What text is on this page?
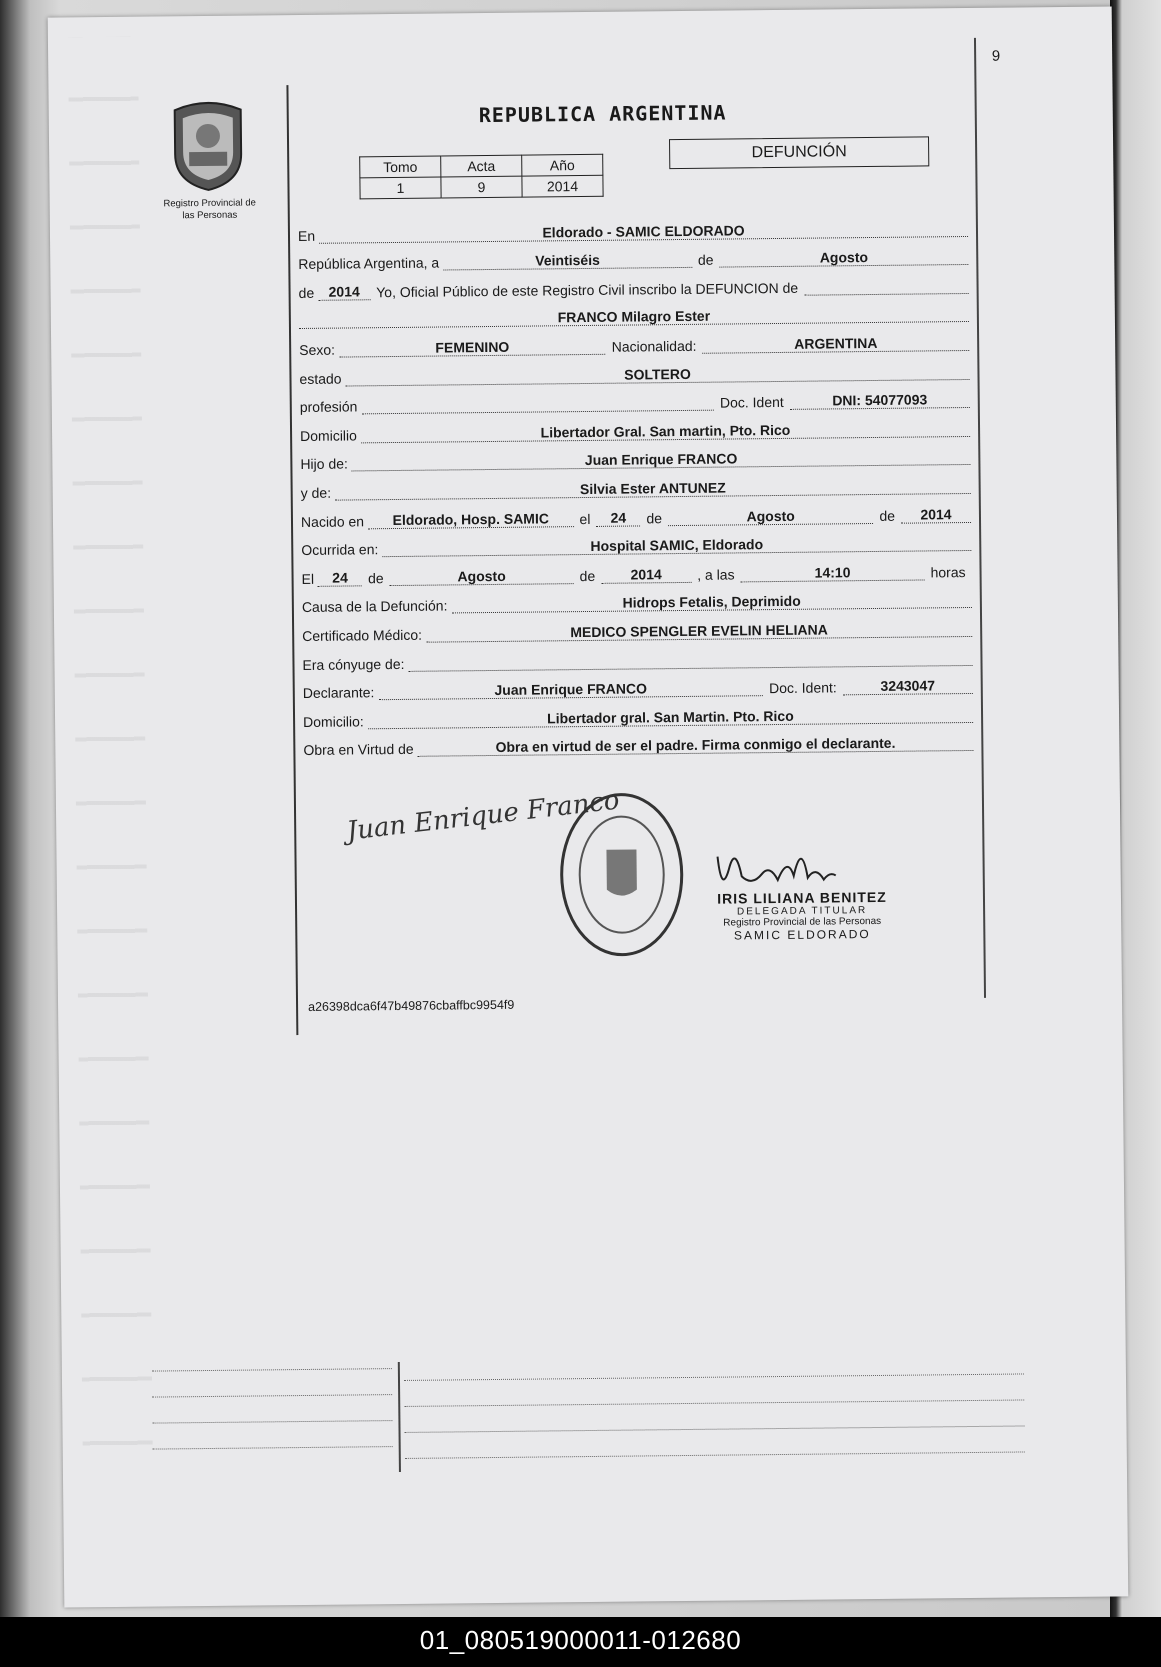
9
Registro Provincial de
las Personas
REPUBLICA ARGENTINA
Tomo	Acta	Año
1	9	2014
DEFUNCIÓN
En	Eldorado - SAMIC ELDORADO
República Argentina, a	Veintiséis	de	Agosto
de	2014	Yo, Oficial Público de este Registro Civil inscribo la DEFUNCION de
FRANCO Milagro Ester
Sexo:	FEMENINO	Nacionalidad:	ARGENTINA
estado	SOLTERO
profesión	Doc. Ident	DNI: 54077093
Domicilio	Libertador Gral. San martin, Pto. Rico
Hijo de:	Juan Enrique FRANCO
y de:	Silvia Ester ANTUNEZ
Nacido en	Eldorado, Hosp. SAMIC	el	24	de	Agosto	de	2014
Ocurrida en:	Hospital SAMIC, Eldorado
El	24	de	Agosto	de	2014	, a las	14:10	horas
Causa de la Defunción:	Hidrops Fetalis, Deprimido
Certificado Médico:	MEDICO SPENGLER EVELIN HELIANA
Era cónyuge de:
Declarante:	Juan Enrique FRANCO	Doc. Ident:	3243047
Domicilio:	Libertador gral. San Martin. Pto. Rico
Obra en Virtud de	Obra en virtud de ser el padre. Firma conmigo el declarante.
Juan Enrique Franco
IRIS LILIANA BENITEZ
DELEGADA TITULAR
Registro Provincial de las Personas
SAMIC ELDORADO
a26398dca6f47b49876cbaffbc9954f9
01_080519000011-012680
